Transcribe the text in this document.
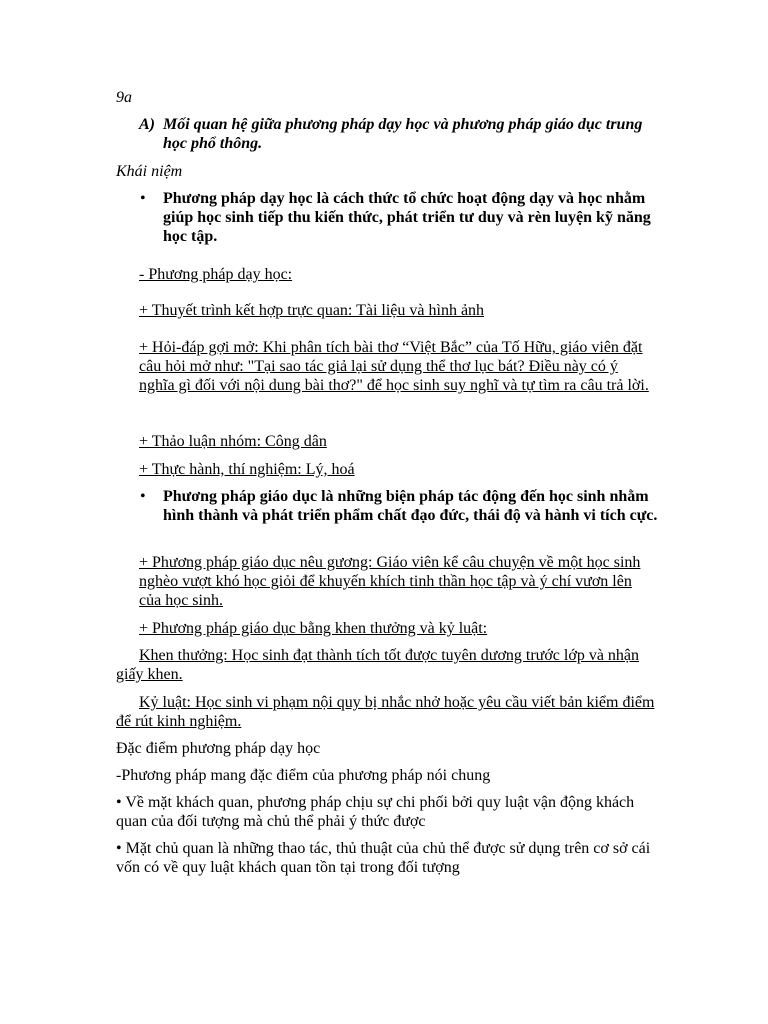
9a

A) Mối quan hệ giữa phương pháp dạy học và phương pháp giáo dục trung học phổ thông.

Khái niệm

•	Phương pháp dạy học là cách thức tổ chức hoạt động dạy và học nhằm giúp học sinh tiếp thu kiến thức, phát triển tư duy và rèn luyện kỹ năng học tập.

- Phương pháp dạy học:

+ Thuyết trình kết hợp trực quan: Tài liệu và hình ảnh

+ Hỏi-đáp gợi mở: Khi phân tích bài thơ “Việt Bắc” của Tố Hữu, giáo viên đặt câu hỏi mở như: "Tại sao tác giả lại sử dụng thể thơ lục bát? Điều này có ý nghĩa gì đối với nội dung bài thơ?" để học sinh suy nghĩ và tự tìm ra câu trả lời.

+ Thảo luận nhóm: Công dân

+ Thực hành, thí nghiệm: Lý, hoá

•	Phương pháp giáo dục là những biện pháp tác động đến học sinh nhằm hình thành và phát triển phẩm chất đạo đức, thái độ và hành vi tích cực.

+ Phương pháp giáo dục nêu gương: Giáo viên kể câu chuyện về một học sinh nghèo vượt khó học giỏi để khuyến khích tinh thần học tập và ý chí vươn lên của học sinh.

+ Phương pháp giáo dục bằng khen thưởng và kỷ luật:

Khen thưởng: Học sinh đạt thành tích tốt được tuyên dương trước lớp và nhận giấy khen.

Kỷ luật: Học sinh vi phạm nội quy bị nhắc nhở hoặc yêu cầu viết bản kiểm điểm để rút kinh nghiệm.

Đặc điểm phương pháp dạy học

-Phương pháp mang đặc điểm của phương pháp nói chung

• Về mặt khách quan, phương pháp chịu sự chi phối bởi quy luật vận động khách quan của đối tượng mà chủ thể phải ý thức được

• Mặt chủ quan là những thao tác, thủ thuật của chủ thể được sử dụng trên cơ sở cái vốn có về quy luật khách quan tồn tại trong đối tượng
